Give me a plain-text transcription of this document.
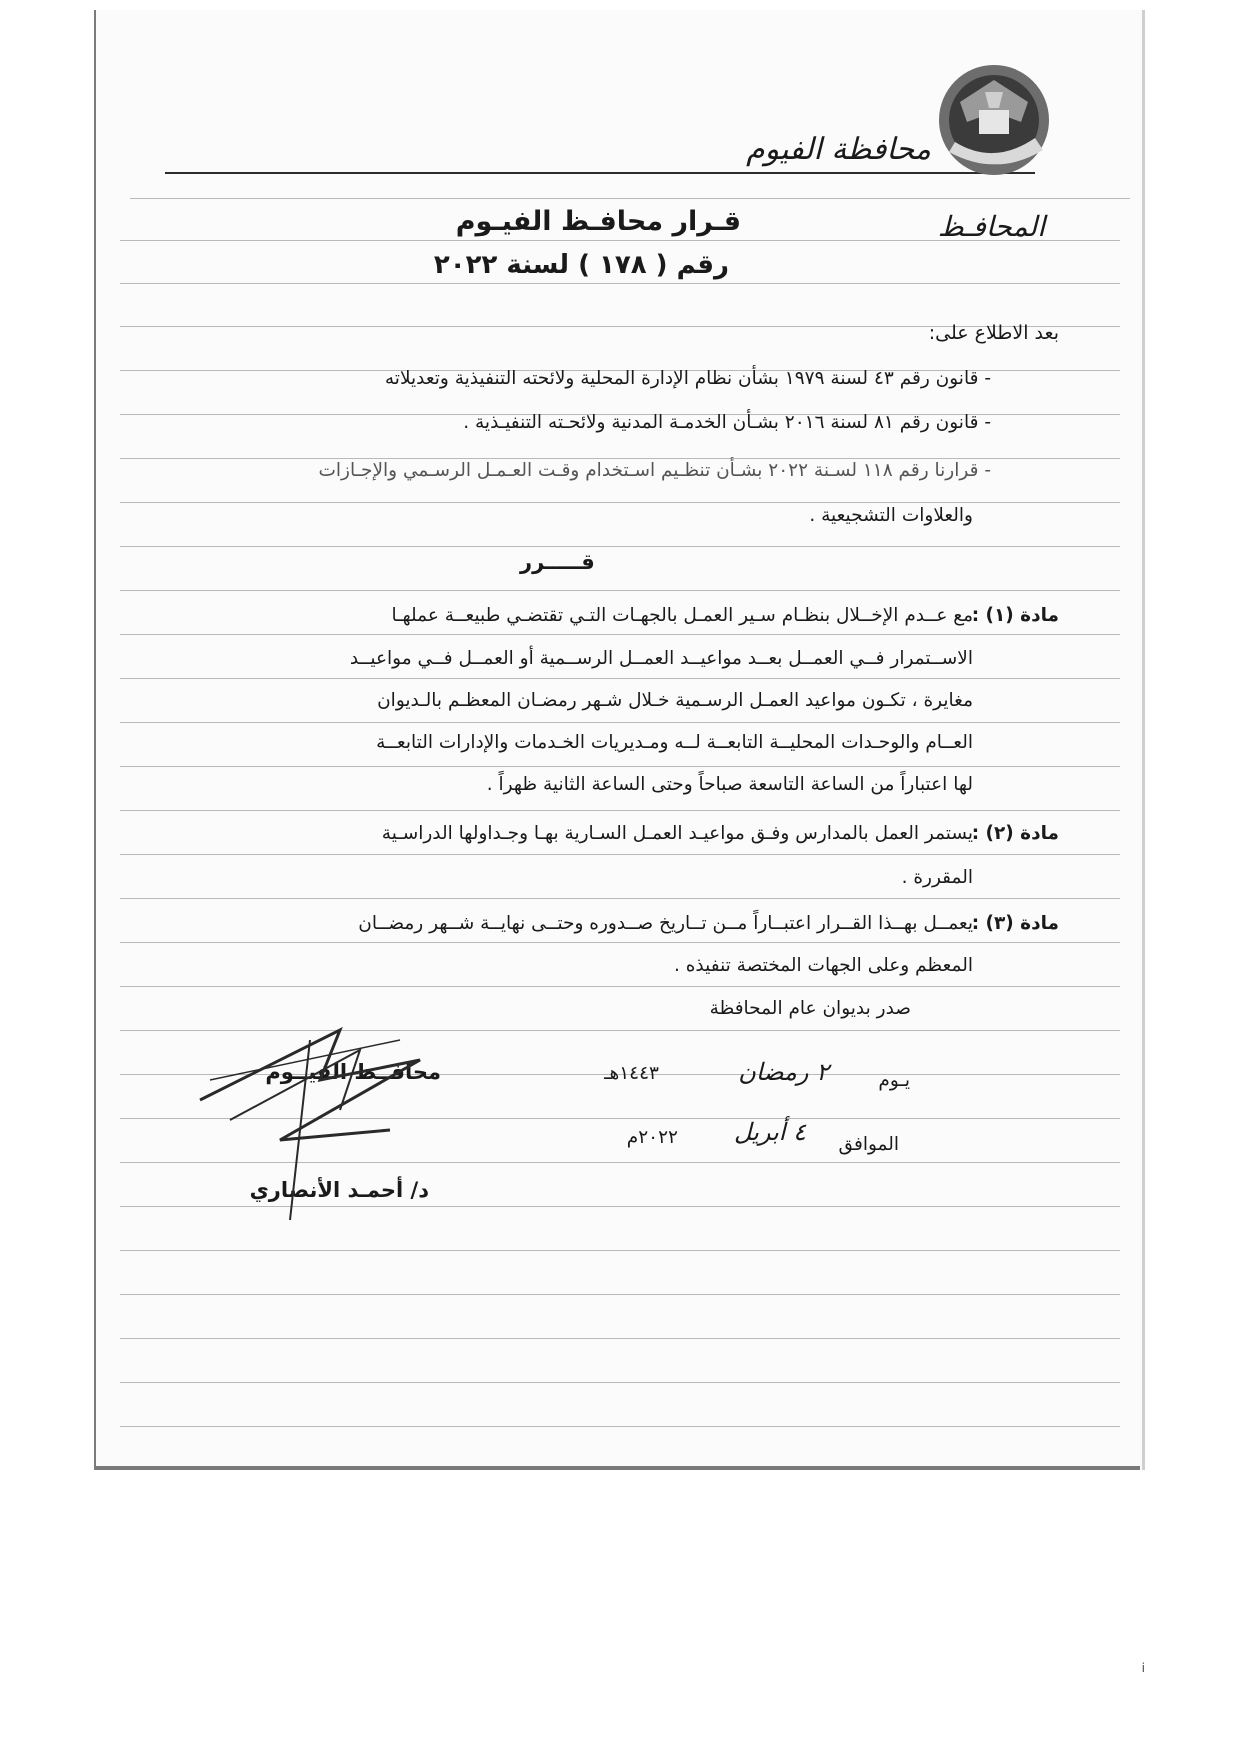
محافظة الفيوم
المحافـظ
قـرار محافـظ الفيـوم
رقم ( ١٧٨ ) لسنة ٢٠٢٢
بعد الاطلاع على:
- قانون رقم ٤٣ لسنة ١٩٧٩ بشأن نظام الإدارة المحلية ولائحته التنفيذية وتعديلاته
- قانون رقم ٨١ لسنة ٢٠١٦ بشـأن الخدمـة المدنية ولائحـته التنفيـذية .
- قرارنا رقم ١١٨ لسـنة ٢٠٢٢ بشـأن تنظـيم اسـتخدام وقـت العـمـل الرسـمي والإجـازات
والعلاوات التشجيعية .
قـــــرر
مادة (١) :
مع عــدم الإخــلال بنظـام سـير العمـل بالجهـات التـي تقتضـي طبيعــة عملهـا
الاســتمرار فــي العمــل بعــد مواعيــد العمــل الرســمية أو العمــل فــي مواعيــد
مغايرة ، تكـون مواعيد العمـل الرسـمية خـلال شـهر رمضـان المعظـم بالـديوان
العــام والوحـدات المحليــة التابعــة لــه ومـديريات الخـدمات والإدارات التابعــة
لها اعتباراً من الساعة التاسعة صباحاً وحتى الساعة الثانية ظهراً .
مادة (٢) :
يستمر العمل بالمدارس وفـق مواعيـد العمـل السـارية بهـا وجـداولها الدراسـية
المقررة .
مادة (٣) :
يعمــل بهــذا القــرار اعتبــاراً مــن تــاريخ صــدوره وحتــى نهايــة شــهر رمضــان
المعظم وعلى الجهات المختصة تنفيذه .
صدر بديوان عام المحافظة
يـوم
٢ رمضان
١٤٤٣هـ
الموافق
٤ أبريل
٢٠٢٢م
محافــظ الفيــوم
د/ أحمـد الأنصاري
i
